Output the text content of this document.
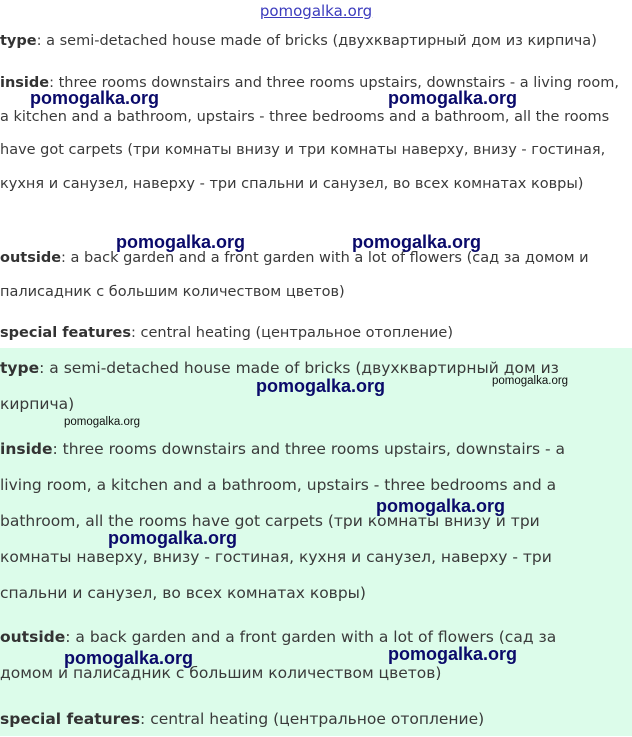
pomogalka.org

type: a semi-detached house made of bricks (двухквартирный дом из кирпича)

inside: three rooms downstairs and three rooms upstairs, downstairs - a living room, a kitchen and a bathroom, upstairs - three bedrooms and a bathroom, all the rooms have got carpets (три комнаты внизу и три комнаты наверху, внизу - гостиная, кухня и санузел, наверху - три спальни и санузел, во всех комнатах ковры)

outside: a back garden and a front garden with a lot of flowers (сад за домом и палисадник с большим количеством цветов)

special features: central heating (центральное отопление)

type: a semi-detached house made of bricks (двухквартирный дом из кирпича)

inside: three rooms downstairs and three rooms upstairs, downstairs - a living room, a kitchen and a bathroom, upstairs - three bedrooms and a bathroom, all the rooms have got carpets (три комнаты внизу и три комнаты наверху, внизу - гостиная, кухня и санузел, наверху - три спальни и санузел, во всех комнатах ковры)

outside: a back garden and a front garden with a lot of flowers (сад за домом и палисадник с большим количеством цветов)

special features: central heating (центральное отопление)

pomogalka.org	pomogalka.org
pomogalka.org	pomogalka.org
pomogalka.org	pomogalka.org
pomogalka.org
pomogalka.org
pomogalka.org
pomogalka.org	pomogalka.org
